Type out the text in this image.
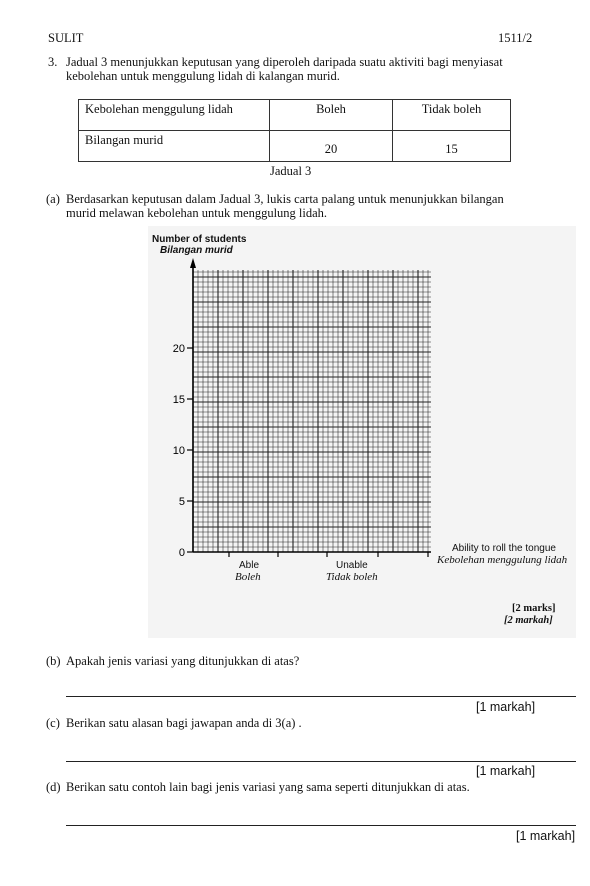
SULIT	1511/2
3. Jadual 3 menunjukkan keputusan yang diperoleh daripada suatu aktiviti bagi menyiasat
kebolehan untuk menggulung lidah di kalangan murid.
Kebolehan menggulung lidah	Boleh	Tidak boleh
Bilangan murid	20	15
Jadual 3
(a) Berdasarkan keputusan dalam Jadual 3, lukis carta palang untuk menunjukkan bilangan
murid melawan kebolehan untuk menggulung lidah.
0
5
10
15
20
Number of students
Bilangan murid
Ability to roll the tongue
Kebolehan menggulung lidah
Able
Boleh
Unable
Tidak boleh
[2 marks]
[2 markah]
(b) Apakah jenis variasi yang ditunjukkan di atas?
[1 markah]
(c) Berikan satu alasan bagi jawapan anda di 3(a) .
[1 markah]
(d) Berikan satu contoh lain bagi jenis variasi yang sama seperti ditunjukkan di atas.
[1 markah]
